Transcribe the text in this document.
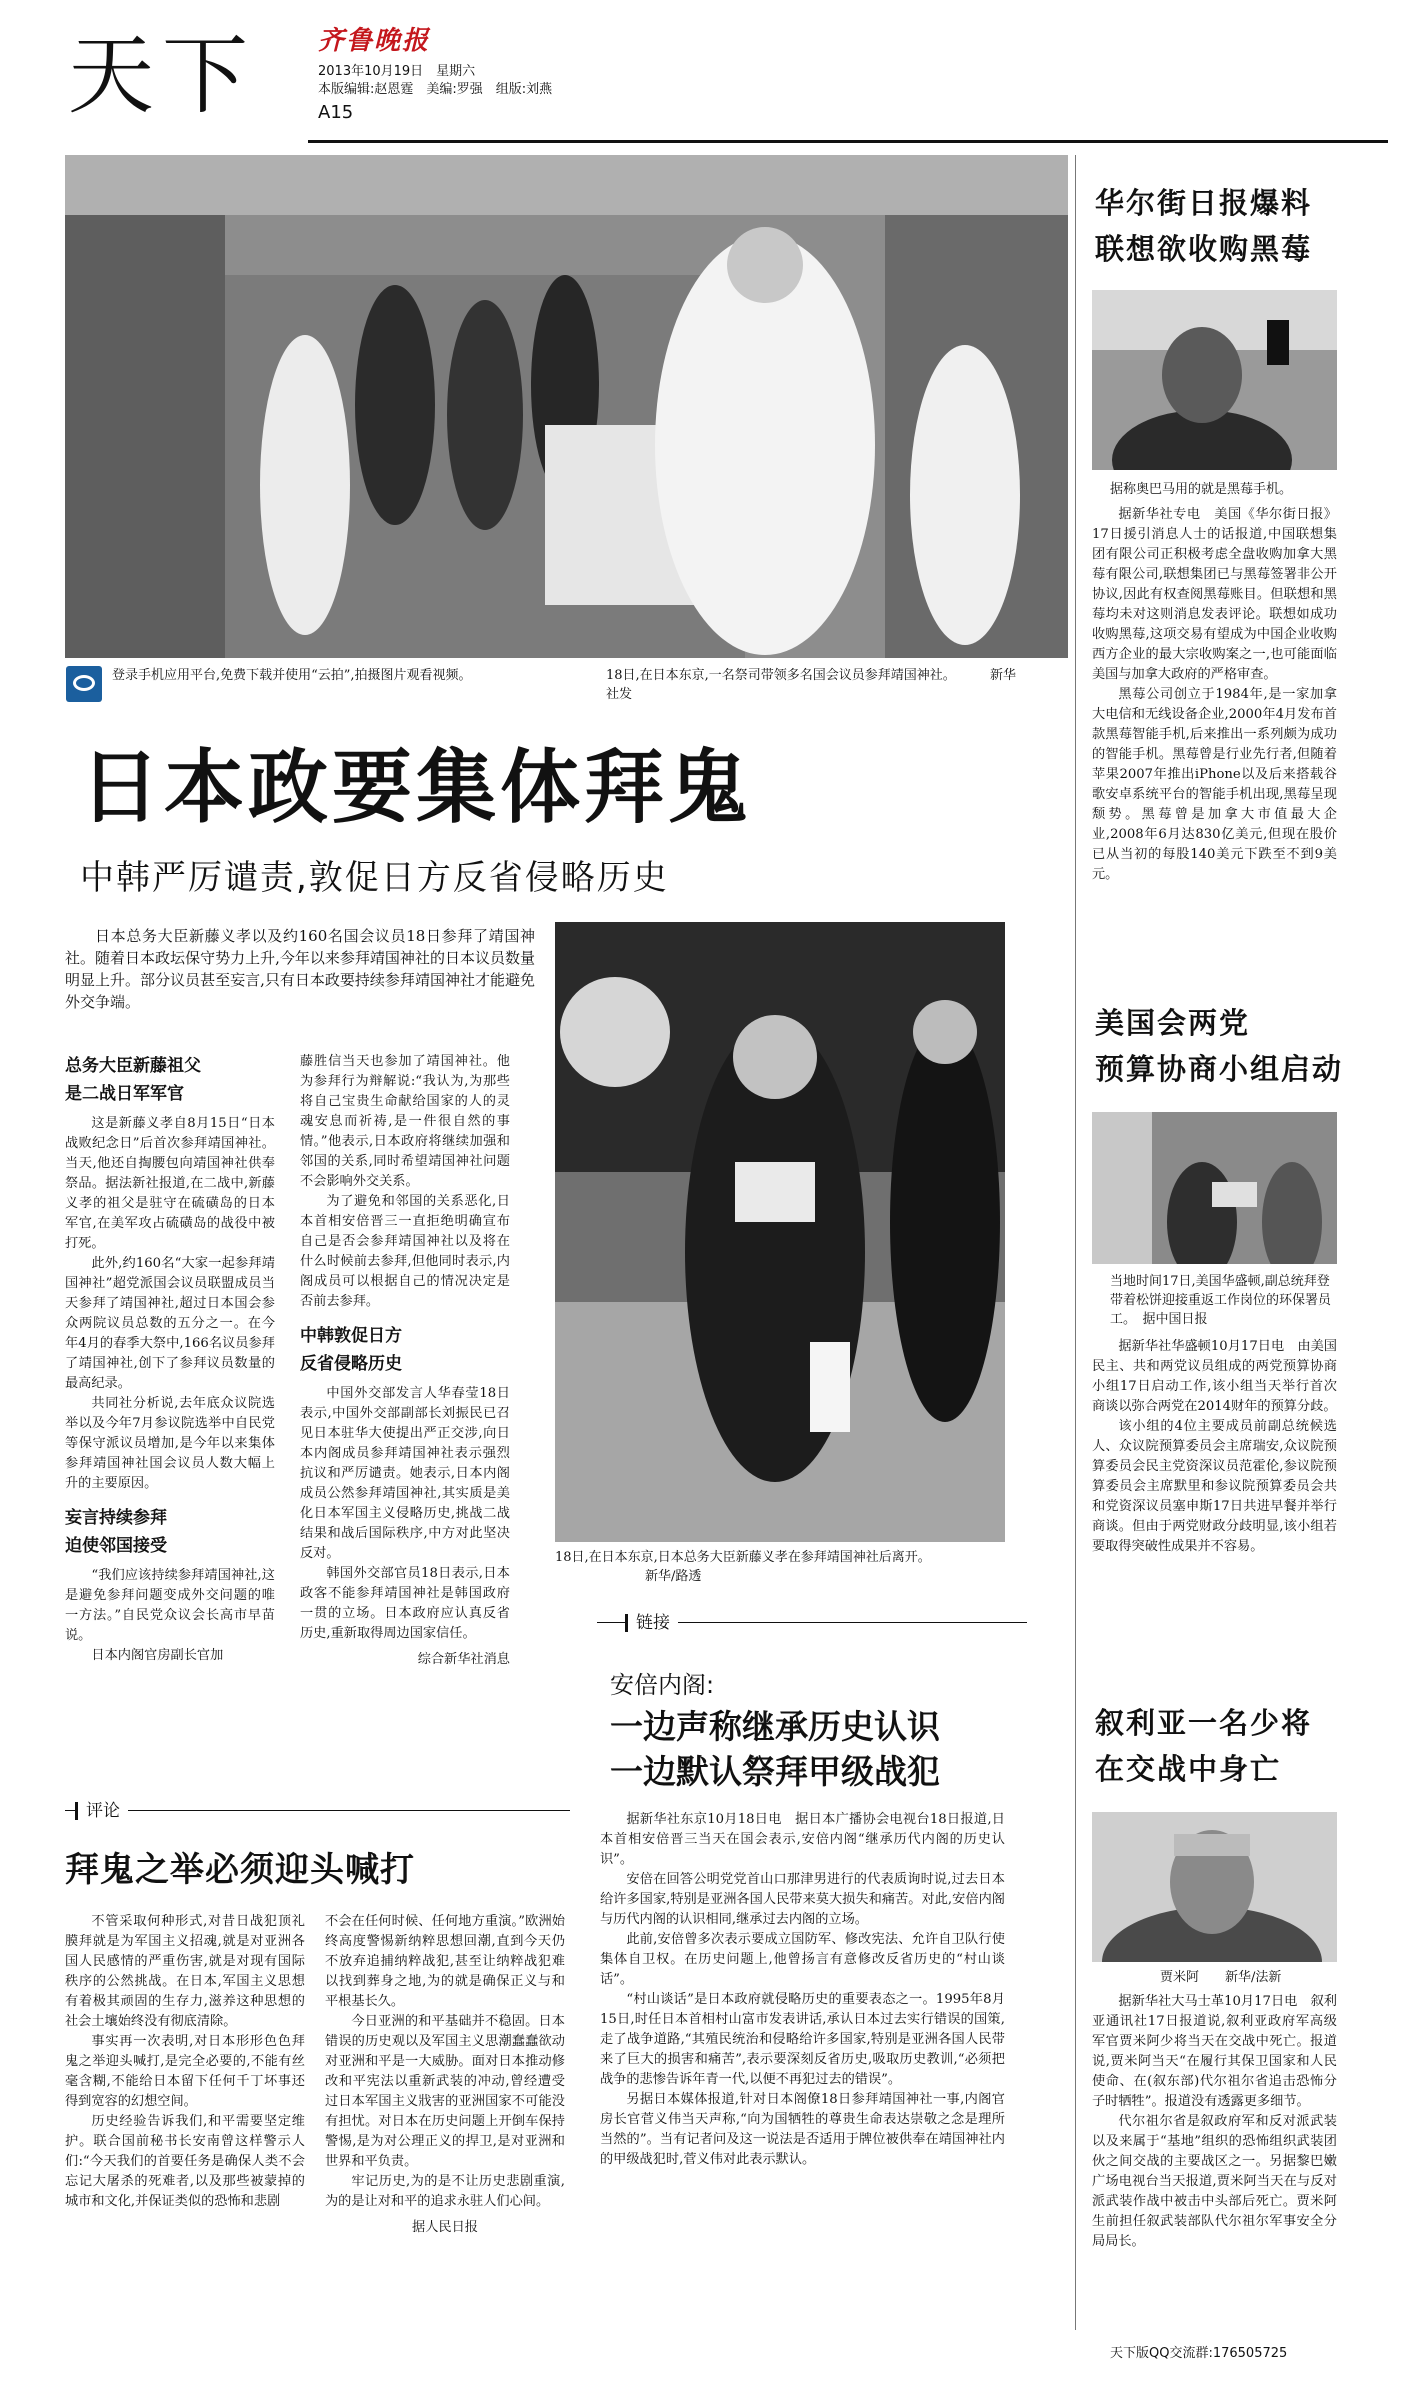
天下 齐鲁晚报
2013年10月19日　星期六
本版编辑:赵恩霆　美编:罗强　组版:刘燕
A15
登录手机应用平台,免费下载并使用“云拍”,拍摄图片观看视频。	18日,在日本东京,一名祭司带领多名国会议员参拜靖国神社。	新华社发
日本政要集体拜鬼
中韩严厉谴责,敦促日方反省侵略历史

日本总务大臣新藤义孝以及约160名国会议员18日参拜了靖国神社。随着日本政坛保守势力上升,今年以来参拜靖国神社的日本议员数量明显上升。部分议员甚至妄言,只有日本政要持续参拜靖国神社才能避免外交争端。

总务大臣新藤祖父
是二战日军军官

这是新藤义孝自8月15日“日本战败纪念日”后首次参拜靖国神社。当天,他还自掏腰包向靖国神社供奉祭品。据法新社报道,在二战中,新藤义孝的祖父是驻守在硫磺岛的日本军官,在美军攻占硫磺岛的战役中被打死。

此外,约160名“大家一起参拜靖国神社”超党派国会议员联盟成员当天参拜了靖国神社,超过日本国会参众两院议员总数的五分之一。在今年4月的春季大祭中,166名议员参拜了靖国神社,创下了参拜议员数量的最高纪录。

共同社分析说,去年底众议院选举以及今年7月参议院选举中自民党等保守派议员增加,是今年以来集体参拜靖国神社国会议员人数大幅上升的主要原因。

妄言持续参拜
迫使邻国接受

“我们应该持续参拜靖国神社,这是避免参拜问题变成外交问题的唯一方法。”自民党众议会长高市早苗说。

日本内阁官房副长官加

藤胜信当天也参加了靖国神社。他为参拜行为辩解说:“我认为,为那些将自己宝贵生命献给国家的人的灵魂安息而祈祷,是一件很自然的事情。”他表示,日本政府将继续加强和邻国的关系,同时希望靖国神社问题不会影响外交关系。

为了避免和邻国的关系恶化,日本首相安倍晋三一直拒绝明确宣布自己是否会参拜靖国神社以及将在什么时候前去参拜,但他同时表示,内阁成员可以根据自己的情况决定是否前去参拜。

中韩敦促日方
反省侵略历史

中国外交部发言人华春莹18日表示,中国外交部副部长刘振民已召见日本驻华大使提出严正交涉,向日本内阁成员参拜靖国神社表示强烈抗议和严厉谴责。她表示,日本内阁成员公然参拜靖国神社,其实质是美化日本军国主义侵略历史,挑战二战结果和战后国际秩序,中方对此坚决反对。

韩国外交部官员18日表示,日本政客不能参拜靖国神社是韩国政府一贯的立场。日本政府应认真反省历史,重新取得周边国家信任。

综合新华社消息
18日,在日本东京,日本总务大臣新藤义孝在参拜靖国神社后离开。 新华/路透
链接
安倍内阁:
一边声称继承历史认识
一边默认祭拜甲级战犯

据新华社东京10月18日电　据日本广播协会电视台18日报道,日本首相安倍晋三当天在国会表示,安倍内阁“继承历代内阁的历史认识”。

安倍在回答公明党党首山口那津男进行的代表质询时说,过去日本给许多国家,特别是亚洲各国人民带来莫大损失和痛苦。对此,安倍内阁与历代内阁的认识相同,继承过去内阁的立场。

此前,安倍曾多次表示要成立国防军、修改宪法、允许自卫队行使集体自卫权。在历史问题上,他曾扬言有意修改反省历史的“村山谈话”。

“村山谈话”是日本政府就侵略历史的重要表态之一。1995年8月15日,时任日本首相村山富市发表讲话,承认日本过去实行错误的国策,走了战争道路,“其殖民统治和侵略给许多国家,特别是亚洲各国人民带来了巨大的损害和痛苦”,表示要深刻反省历史,吸取历史教训,“必须把战争的悲惨告诉年青一代,以便不再犯过去的错误”。

另据日本媒体报道,针对日本阁僚18日参拜靖国神社一事,内阁官房长官菅义伟当天声称,“向为国牺牲的尊贵生命表达崇敬之念是理所当然的”。当有记者问及这一说法是否适用于牌位被供奉在靖国神社内的甲级战犯时,菅义伟对此表示默认。

评论
拜鬼之举必须迎头喊打

不管采取何种形式,对昔日战犯顶礼膜拜就是为军国主义招魂,就是对亚洲各国人民感情的严重伤害,就是对现有国际秩序的公然挑战。在日本,军国主义思想有着极其顽固的生存力,滋养这种思想的社会土壤始终没有彻底清除。

事实再一次表明,对日本形形色色拜鬼之举迎头喊打,是完全必要的,不能有丝毫含糊,不能给日本留下任何千丁坏事还得到宽容的幻想空间。

历史经验告诉我们,和平需要坚定维护。联合国前秘书长安南曾这样警示人们:“今天我们的首要任务是确保人类不会忘记大屠杀的死难者,以及那些被蒙掉的城市和文化,并保证类似的恐怖和悲剧

不会在任何时候、任何地方重演。”欧洲始终高度警惕新纳粹思想回潮,直到今天仍不放弃追捕纳粹战犯,甚至让纳粹战犯难以找到葬身之地,为的就是确保正义与和平根基长久。

今日亚洲的和平基础并不稳固。日本错误的历史观以及军国主义思潮蠢蠢欲动对亚洲和平是一大威胁。面对日本推动修改和平宪法以重新武装的冲动,曾经遭受过日本军国主义戕害的亚洲国家不可能没有担忧。对日本在历史问题上开倒车保持警惕,是为对公理正义的捍卫,是对亚洲和世界和平负责。

牢记历史,为的是不让历史悲剧重演,为的是让对和平的追求永驻人们心间。

据人民日报
华尔街日报爆料
联想欲收购黑莓
据称奥巴马用的就是黑莓手机。

据新华社专电　美国《华尔街日报》17日援引消息人士的话报道,中国联想集团有限公司正积极考虑全盘收购加拿大黑莓有限公司,联想集团已与黑莓签署非公开协议,因此有权查阅黑莓账目。但联想和黑莓均未对这则消息发表评论。联想如成功收购黑莓,这项交易有望成为中国企业收购西方企业的最大宗收购案之一,也可能面临美国与加拿大政府的严格审查。

黑莓公司创立于1984年,是一家加拿大电信和无线设备企业,2000年4月发布首款黑莓智能手机,后来推出一系列颇为成功的智能手机。黑莓曾是行业先行者,但随着苹果2007年推出iPhone以及后来搭载谷歌安卓系统平台的智能手机出现,黑莓呈现颓势。黑莓曾是加拿大市值最大企业,2008年6月达830亿美元,但现在股价已从当初的每股140美元下跌至不到9美元。

美国会两党
预算协商小组启动
当地时间17日,美国华盛顿,副总统拜登带着松饼迎接重返工作岗位的环保署员工。　据中国日报

据新华社华盛顿10月17日电　由美国民主、共和两党议员组成的两党预算协商小组17日启动工作,该小组当天举行首次商谈以弥合两党在2014财年的预算分歧。

该小组的4位主要成员前副总统候选人、众议院预算委员会主席瑞安,众议院预算委员会民主党资深议员范霍伦,参议院预算委员会主席默里和参议院预算委员会共和党资深议员塞申斯17日共进早餐并举行商谈。但由于两党财政分歧明显,该小组若要取得突破性成果并不容易。

叙利亚一名少将
在交战中身亡
贾米阿　　新华/法新

据新华社大马士革10月17日电　叙利亚通讯社17日报道说,叙利亚政府军高级军官贾米阿少将当天在交战中死亡。报道说,贾米阿当天“在履行其保卫国家和人民使命、在(叙东部)代尔祖尔省追击恐怖分子时牺牲”。报道没有透露更多细节。

代尔祖尔省是叙政府军和反对派武装以及来属于“基地”组织的恐怖组织武装团伙之间交战的主要战区之一。另据黎巴嫩广场电视台当天报道,贾米阿当天在与反对派武装作战中被击中头部后死亡。贾米阿生前担任叙武装部队代尔祖尔军事安全分局局长。

天下版QQ交流群:176505725
